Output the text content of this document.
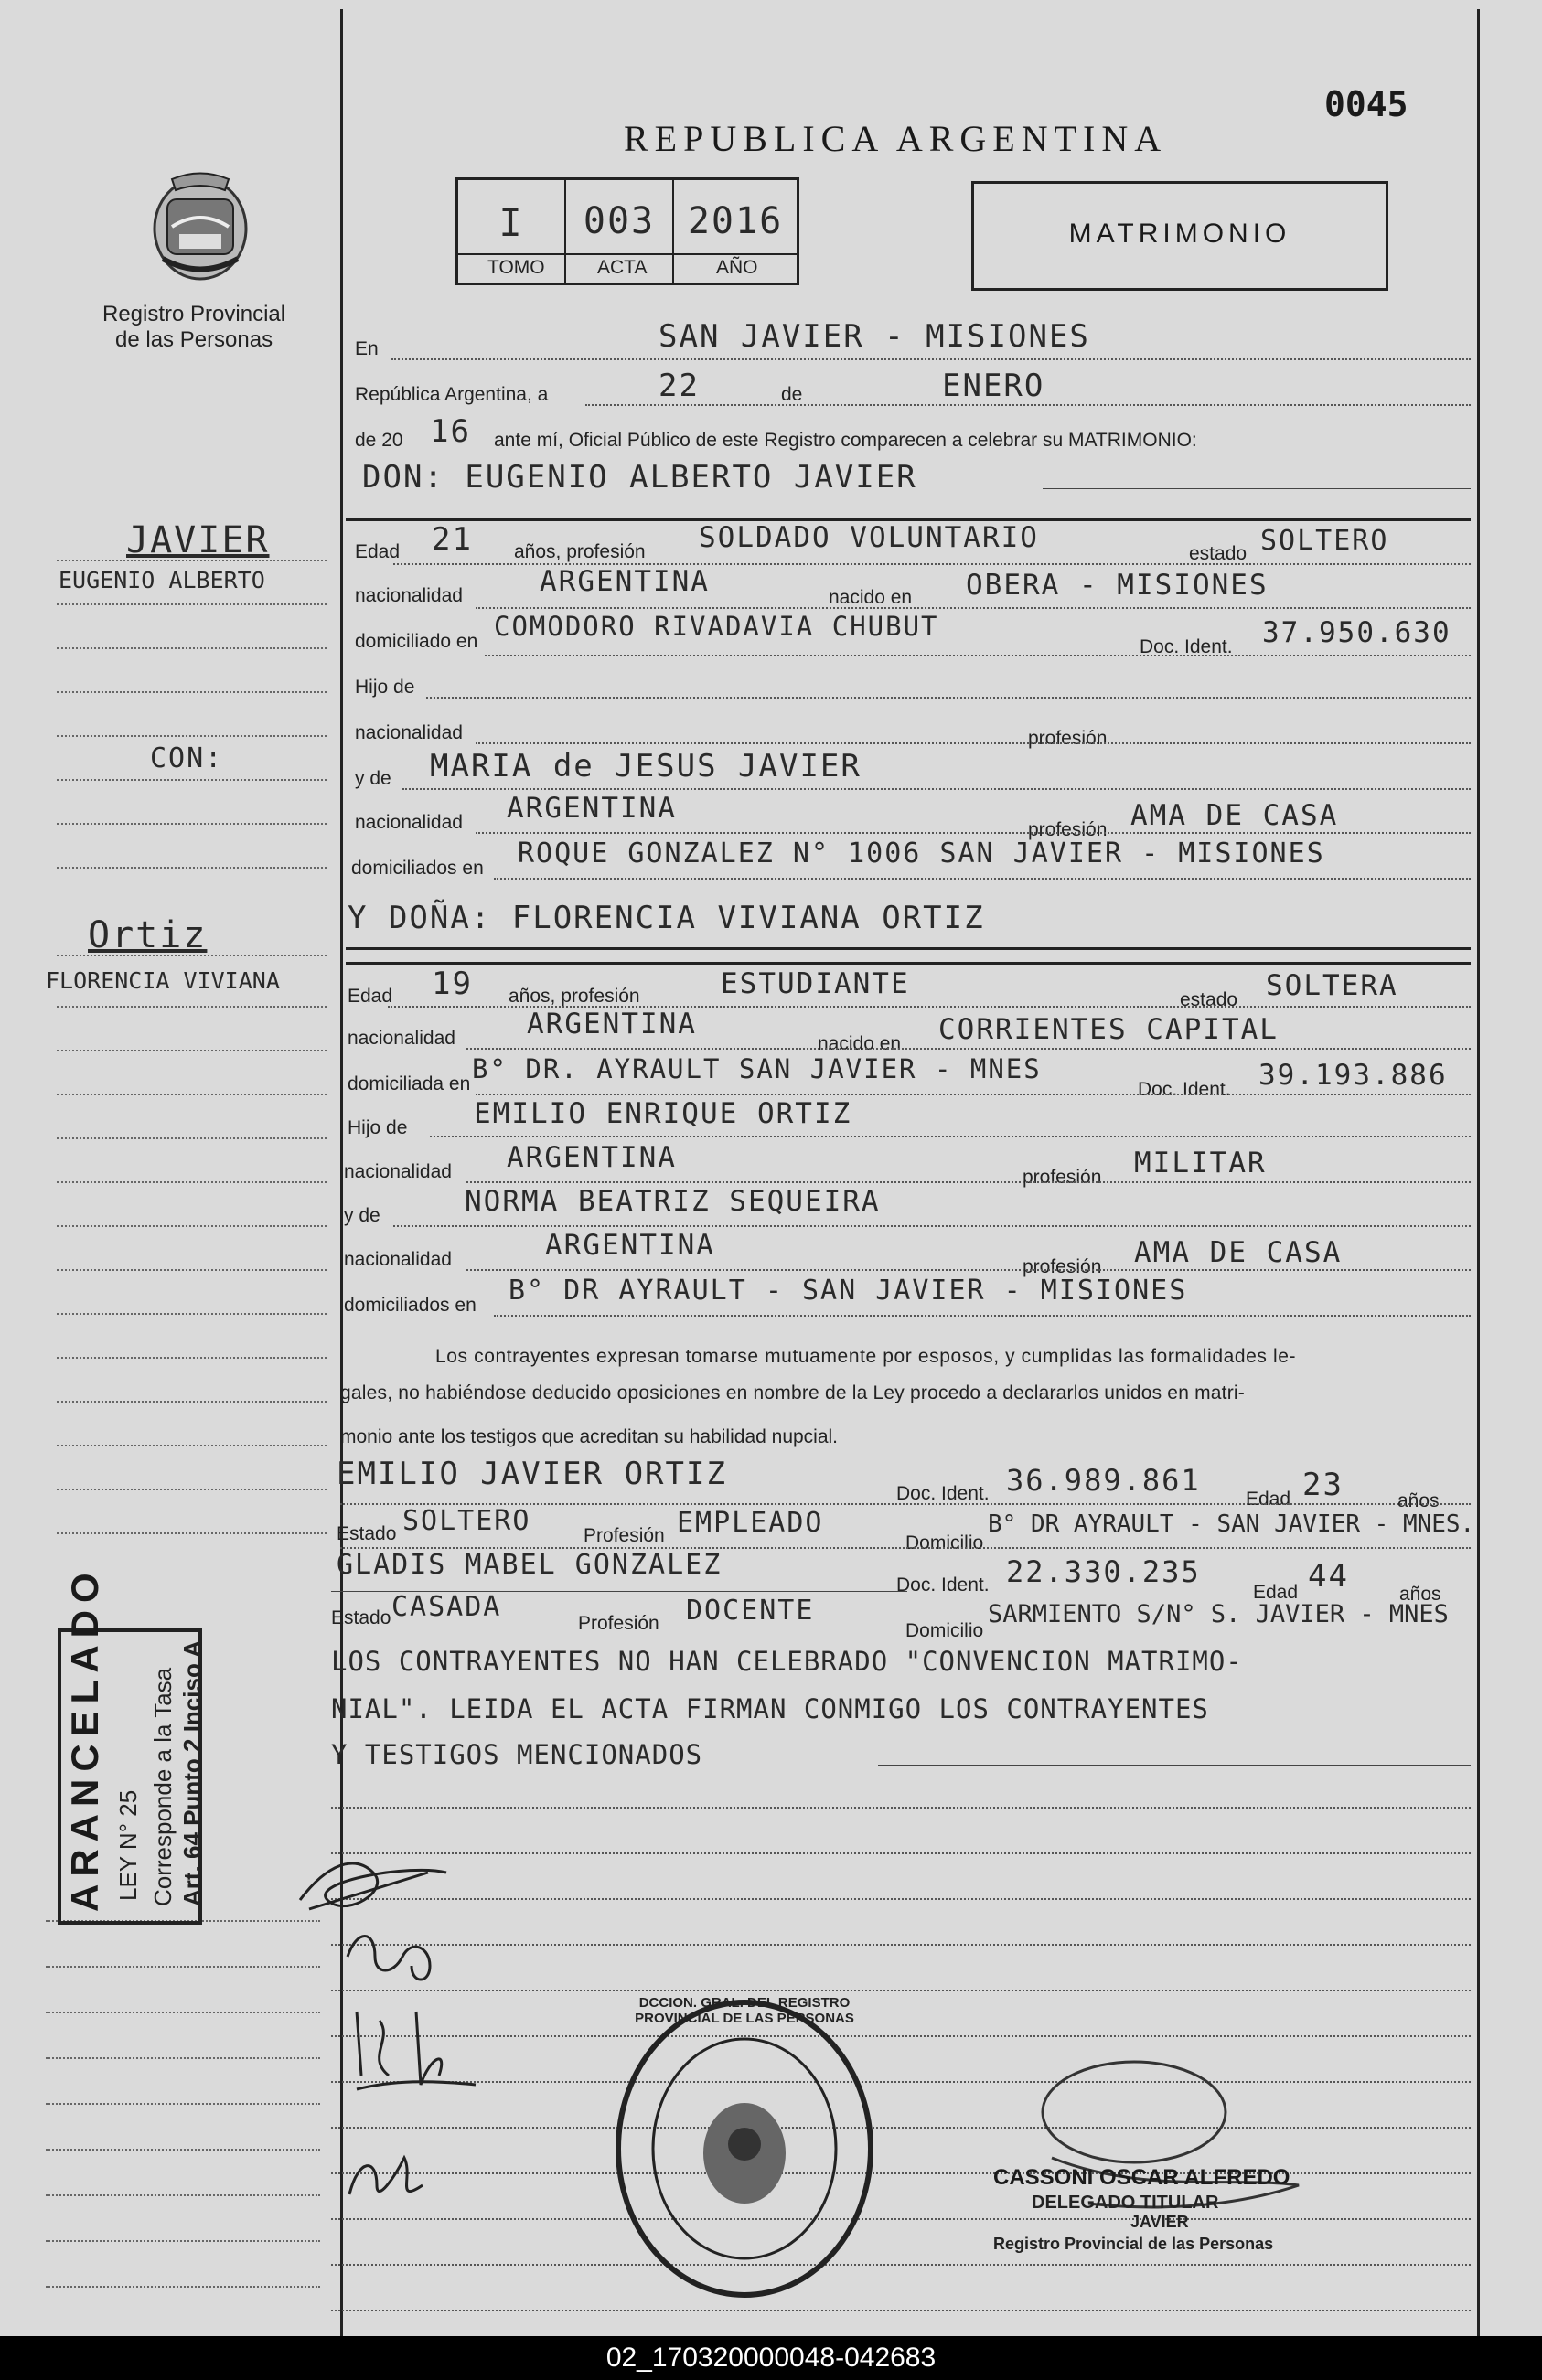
0045
REPUBLICA ARGENTINA
Registro Provincial
de las Personas
I	003 2016
TOMO	ACTA	AÑO
MATRIMONIO
En	SAN JAVIER - MISIONES
República Argentina, a	22	de	ENERO
de 20 16 ante mí, Oficial Público de este Registro comparecen a celebrar su MATRIMONIO:
DON: EUGENIO ALBERTO JAVIER
Edad 21 años, profesión SOLDADO VOLUNTARIO	estado SOLTERO
nacionalidad	ARGENTINA	nacido en OBERA - MISIONES
domiciliado en COMODORO RIVADAVIA CHUBUT
Doc. Ident. 37.950.630
Hijo de
nacionalidad	profesión
y de MARIA de JESUS JAVIER
nacionalidad ARGENTINA
profesión AMA DE CASA
domiciliados en ROQUE GONZALEZ N° 1006 SAN JAVIER - MISIONES
Y DOÑA: FLORENCIA VIVIANA ORTIZ
Edad 19 años, profesión	ESTUDIANTE	estado SOLTERA
nacionalidad	ARGENTINA
nacido en CORRIENTES CAPITAL
domiciliada en B° DR. AYRAULT SAN JAVIER - MNES
Doc. Ident. 39.193.886
Hijo de EMILIO ENRIQUE ORTIZ
nacionalidad ARGENTINA
profesión MILITAR
y de	NORMA BEATRIZ SEQUEIRA
nacionalidad	ARGENTINA
profesión AMA DE CASA
domiciliados en B° DR AYRAULT - SAN JAVIER - MISIONES
Los contrayentes expresan tomarse mutuamente por esposos, y cumplidas las formalidades le-
gales, no habiéndose deducido oposiciones en nombre de la Ley procedo a declararlos unidos en matri-
monio ante los testigos que acreditan su habilidad nupcial.
EMILIO JAVIER ORTIZ
Doc. Ident. 36.989.861
Edad 23	años
Estado SOLTERO	Profesión EMPLEADO
Domicilio
B° DR AYRAULT - SAN JAVIER - MNES.
GLADIS MABEL GONZALEZ
Doc. Ident. 22.330.235
Edad 44	años
Estado CASADA
Profesión DOCENTE
Domicilio
SARMIENTO S/N° S. JAVIER - MNES
LOS CONTRAYENTES NO HAN CELEBRADO "CONVENCION MATRIMO-
NIAL". LEIDA EL ACTA FIRMAN CONMIGO LOS CONTRAYENTES
Y TESTIGOS MENCIONADOS
JAVIER
EUGENIO ALBERTO
CON:
Ortiz
FLORENCIA VIVIANA
ARANCELADO LEY N° 25 Corresponde a la Tasa Art. 64 Punto 2 Inciso A
DCCION. GRAL. DEL REGISTRO PROVINCIAL DE LAS PERSONAS
CASSONI OSCAR ALFREDO
DELEGADO TITULAR
JAVIER
Registro Provincial de las Personas
02_170320000048-042683
